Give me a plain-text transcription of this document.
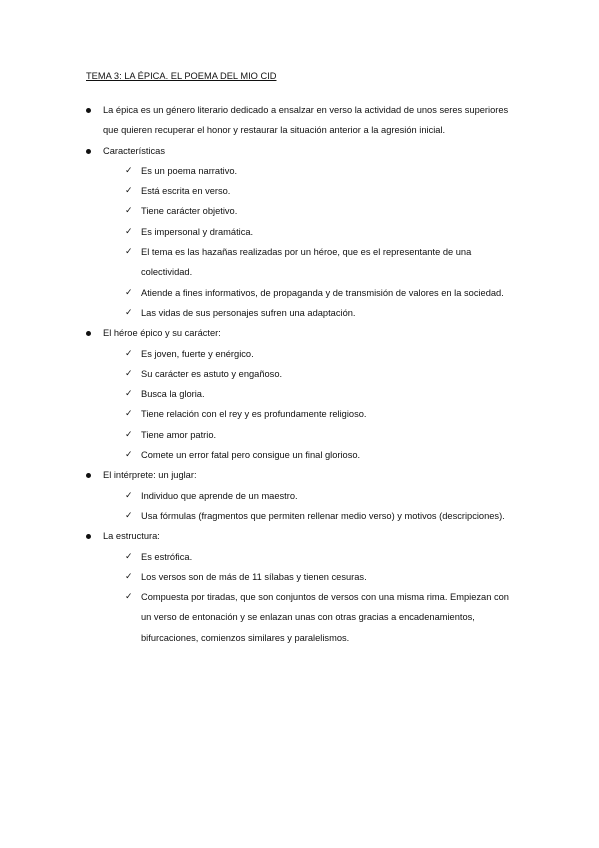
TEMA 3: LA ÉPICA. EL POEMA DEL MIO CID
La épica es un género literario dedicado a ensalzar en verso la actividad de unos seres superiores que quieren recuperar el honor y restaurar la situación anterior a la agresión inicial.
Características
✓ Es un poema narrativo.
✓ Está escrita en verso.
✓ Tiene carácter objetivo.
✓ Es impersonal y dramática.
✓ El tema es las hazañas realizadas por un héroe, que es el representante de una colectividad.
✓ Atiende a fines informativos, de propaganda y de transmisión de valores en la sociedad.
✓ Las vidas de sus personajes sufren una adaptación.
El héroe épico y su carácter:
✓ Es joven, fuerte y enérgico.
✓ Su carácter es astuto y engañoso.
✓ Busca la gloria.
✓ Tiene relación con el rey y es profundamente religioso.
✓ Tiene amor patrio.
✓ Comete un error fatal pero consigue un final glorioso.
El intérprete: un juglar:
✓ Individuo que aprende de un maestro.
✓ Usa fórmulas (fragmentos que permiten rellenar medio verso) y motivos (descripciones).
La estructura:
✓ Es estrófica.
✓ Los versos son de más de 11 sílabas y tienen cesuras.
✓ Compuesta por tiradas, que son conjuntos de versos con una misma rima. Empiezan con un verso de entonación y se enlazan unas con otras gracias a encadenamientos, bifurcaciones, comienzos similares y paralelismos.
